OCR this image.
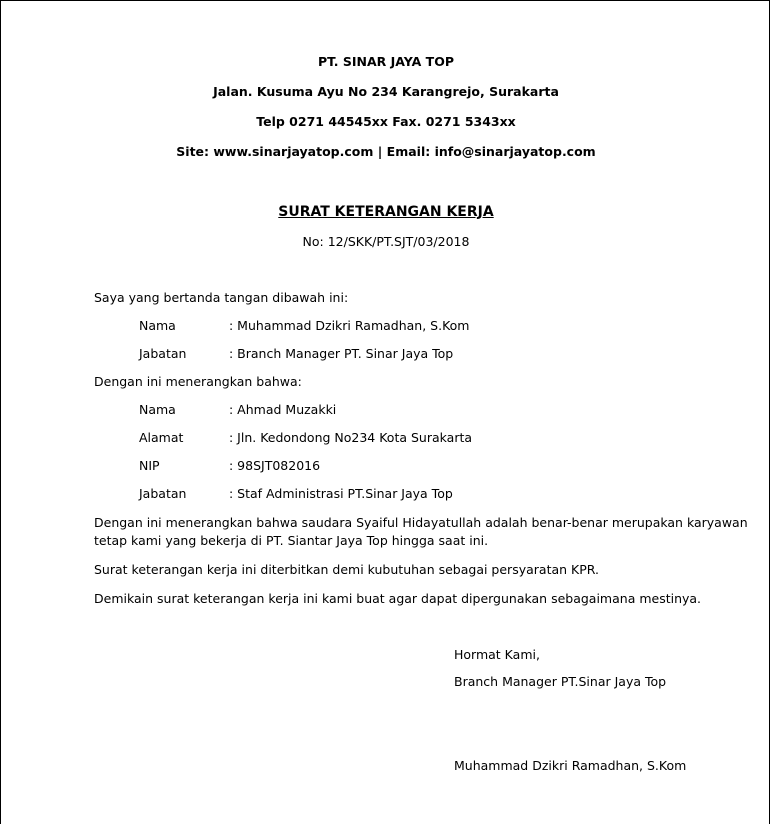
PT. SINAR JAYA TOP
Jalan. Kusuma Ayu No 234 Karangrejo, Surakarta
Telp 0271 44545xx Fax. 0271 5343xx
Site: www.sinarjayatop.com | Email: info@sinarjayatop.com
SURAT KETERANGAN KERJA
No: 12/SKK/PT.SJT/03/2018
Saya yang bertanda tangan dibawah ini:
Nama	: Muhammad Dzikri Ramadhan, S.Kom
Jabatan	: Branch Manager PT. Sinar Jaya Top
Dengan ini menerangkan bahwa:
Nama	: Ahmad Muzakki
Alamat	: Jln. Kedondong No234 Kota Surakarta
NIP	: 98SJT082016
Jabatan	: Staf Administrasi PT.Sinar Jaya Top
Dengan ini menerangkan bahwa saudara Syaiful Hidayatullah adalah benar-benar merupakan karyawan
tetap kami yang bekerja di PT. Siantar Jaya Top hingga saat ini.
Surat keterangan kerja ini diterbitkan demi kubutuhan sebagai persyaratan KPR.
Demikain surat keterangan kerja ini kami buat agar dapat dipergunakan sebagaimana mestinya.
Hormat Kami,
Branch Manager PT.Sinar Jaya Top
Muhammad Dzikri Ramadhan, S.Kom
